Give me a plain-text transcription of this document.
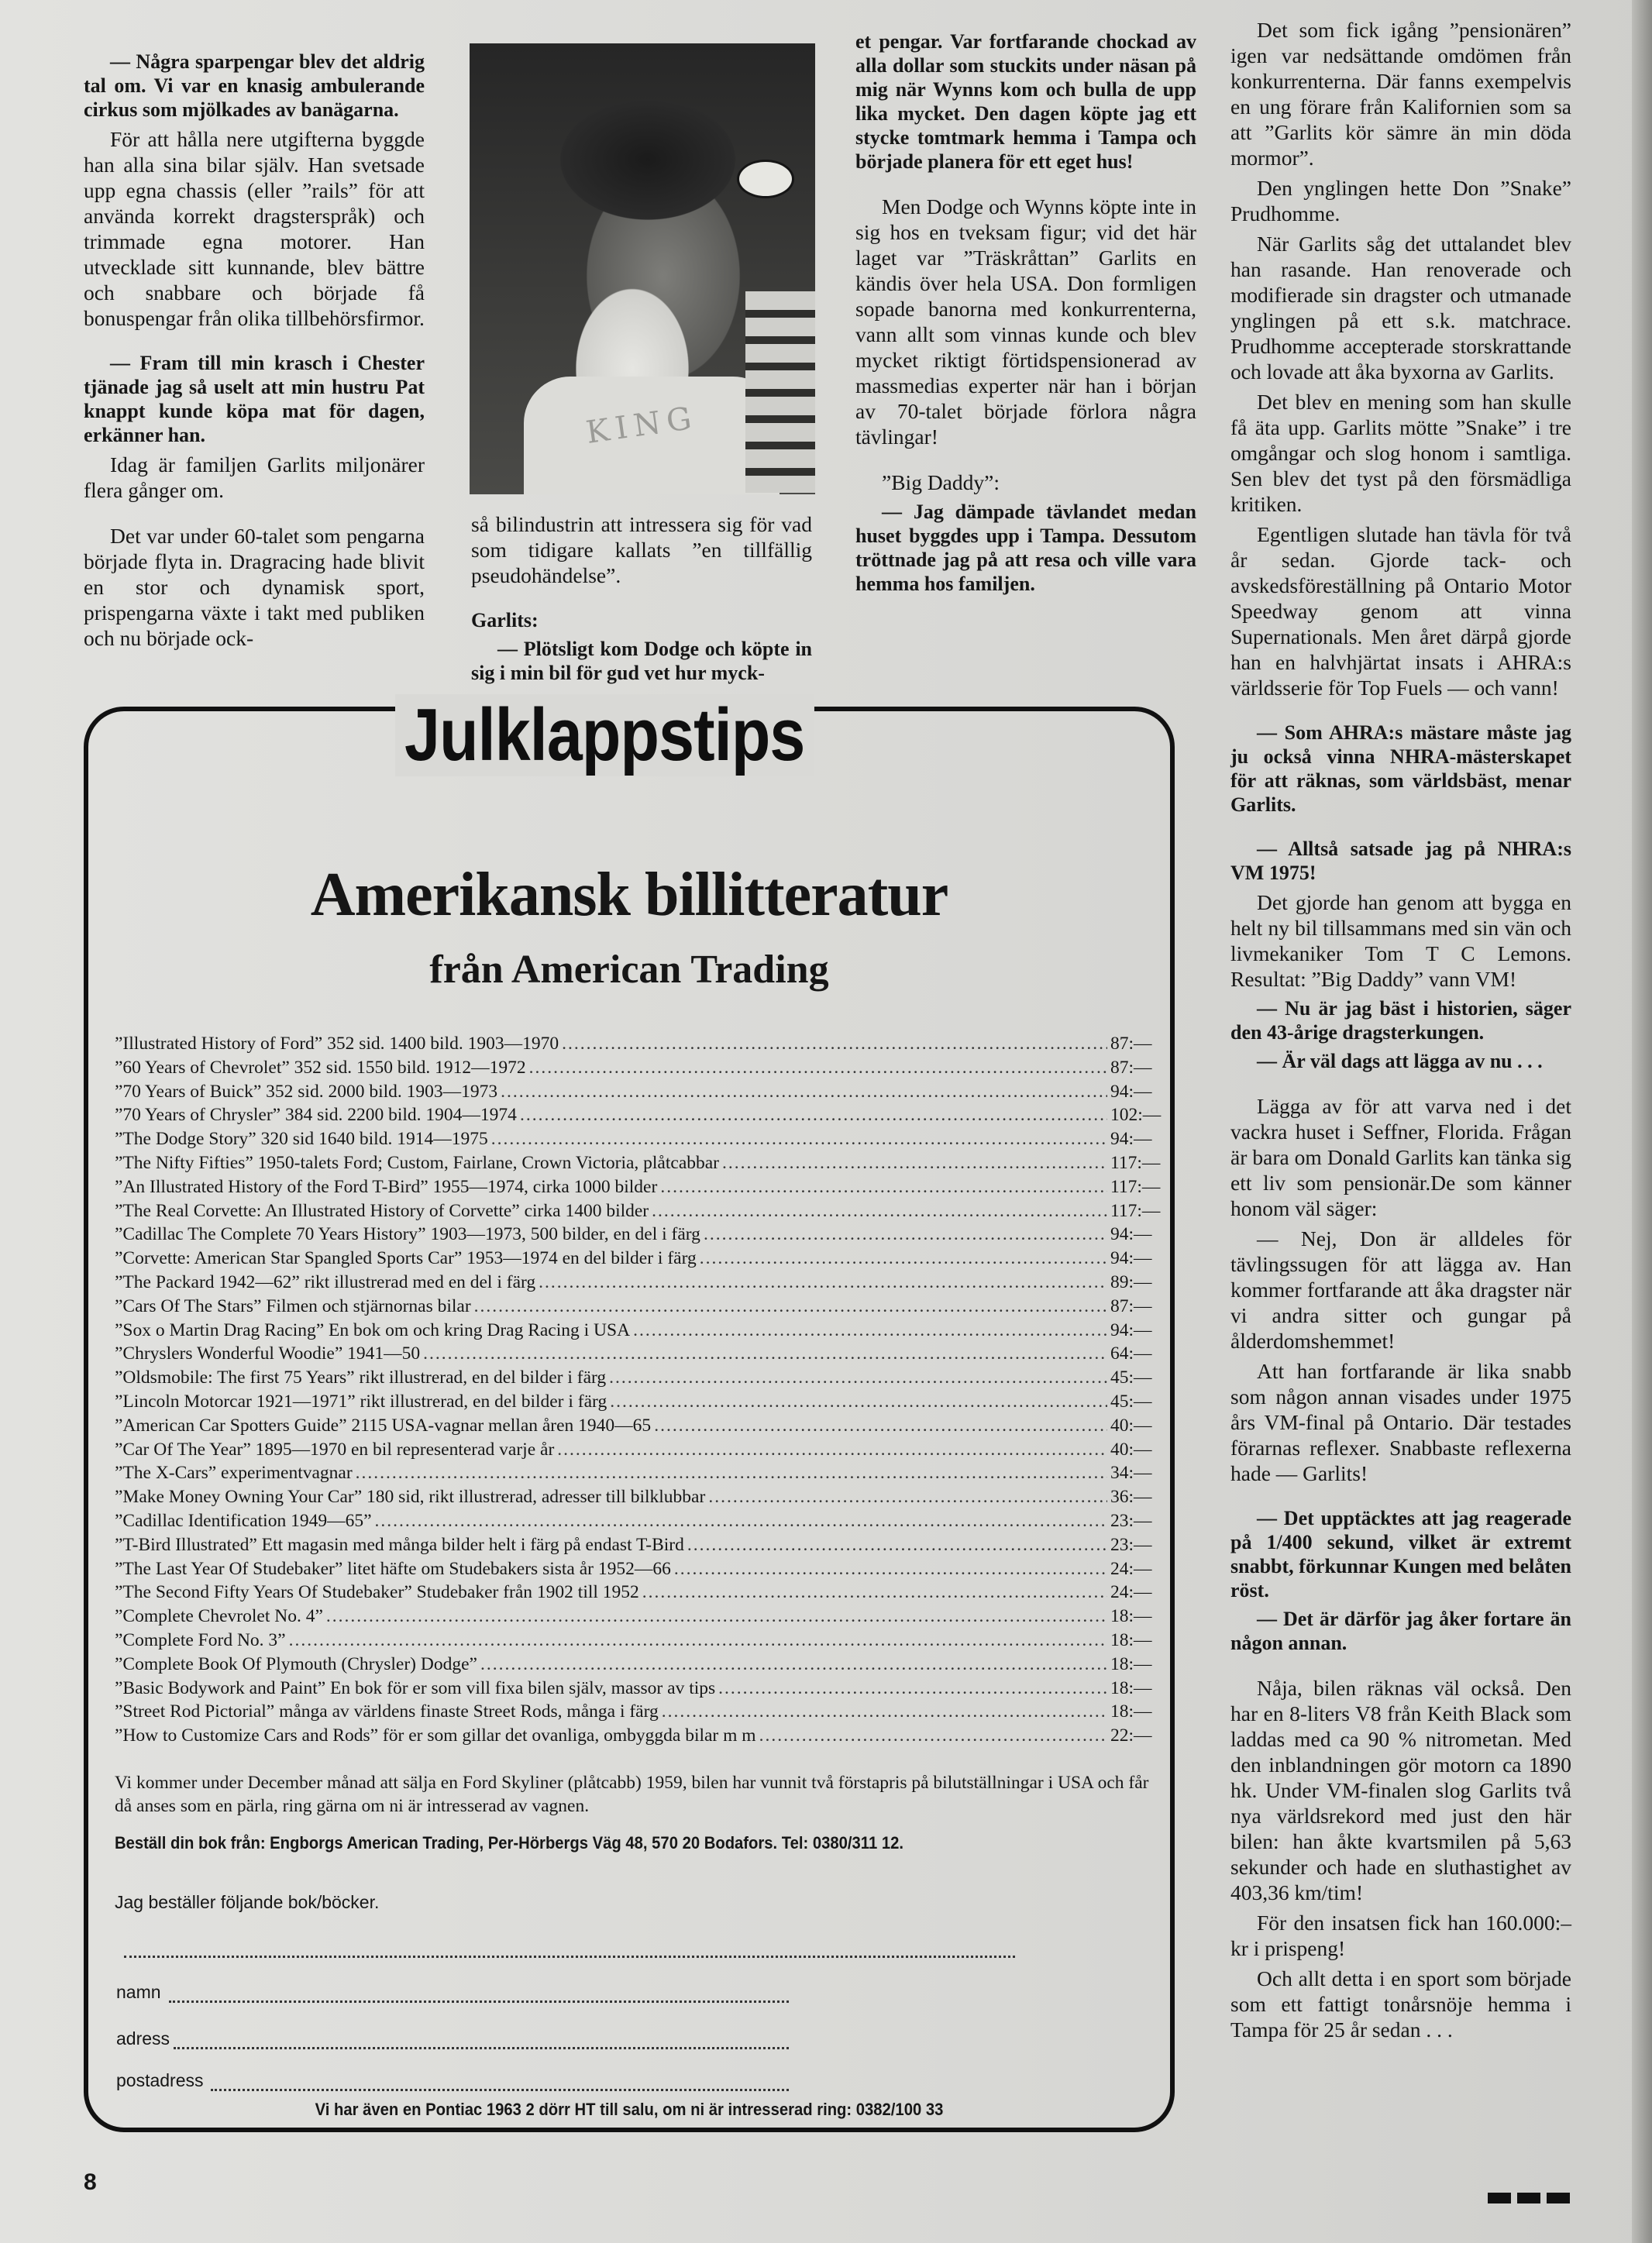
— Några sparpengar blev det aldrig tal om. Vi var en knasig ambulerande cirkus som mjölkades av banägarna.

För att hålla nere utgifterna byggde han alla sina bilar själv. Han svetsade upp egna chassis (eller ”rails” för att använda korrekt dragsterspråk) och trimmade egna motorer. Han utvecklade sitt kunnande, blev bättre och snabbare och började få bonuspengar från olika tillbehörsfirmor.

— Fram till min krasch i Chester tjänade jag så uselt att min hustru Pat knappt kunde köpa mat för dagen, erkänner han.

Idag är familjen Garlits miljonärer flera gånger om.

Det var under 60-talet som pengarna började flyta in. Dragracing hade blivit en stor och dynamisk sport, prispengarna växte i takt med publiken och nu började ock-

KING

så bilindustrin att intressera sig för vad som tidigare kallats ”en tillfällig pseudohändelse”.

Garlits:

— Plötsligt kom Dodge och köpte in sig i min bil för gud vet hur myck-

et pengar. Var fortfarande chockad av alla dollar som stuckits under näsan på mig när Wynns kom och bulla de upp lika mycket. Den dagen köpte jag ett stycke tomtmark hemma i Tampa och började planera för ett eget hus!

Men Dodge och Wynns köpte inte in sig hos en tveksam figur; vid det här laget var ”Träskråttan” Garlits en kändis över hela USA. Don formligen sopade banorna med konkurrenterna, vann allt som vinnas kunde och blev mycket riktigt förtidspensionerad av massmedias experter när han i början av 70-talet började förlora några tävlingar!

”Big Daddy”:

— Jag dämpade tävlandet medan huset byggdes upp i Tampa. Dessutom tröttnade jag på att resa och ville vara hemma hos familjen.

Det som fick igång ”pensionären” igen var nedsättande omdömen från konkurrenterna. Där fanns exempelvis en ung förare från Kalifornien som sa att ”Garlits kör sämre än min döda mormor”.

Den ynglingen hette Don ”Snake” Prudhomme.

När Garlits såg det uttalandet blev han rasande. Han renoverade och modifierade sin dragster och utmanade ynglingen på ett s.k. matchrace. Prudhomme accepterade storskrattande och lovade att åka byxorna av Garlits.

Det blev en mening som han skulle få äta upp. Garlits mötte ”Snake” i tre omgångar och slog honom i samtliga. Sen blev det tyst på den försmädliga kritiken.

Egentligen slutade han tävla för två år sedan. Gjorde tack- och avskedsföreställning på Ontario Motor Speedway genom att vinna Supernationals. Men året därpå gjorde han en halvhjärtat insats i AHRA:s världsserie för Top Fuels — och vann!

— Som AHRA:s mästare måste jag ju också vinna NHRA-mästerskapet för att räknas, som världsbäst, menar Garlits.

— Alltså satsade jag på NHRA:s VM 1975!

Det gjorde han genom att bygga en helt ny bil tillsammans med sin vän och livmekaniker Tom T C Lemons. Resultat: ”Big Daddy” vann VM!

— Nu är jag bäst i historien, säger den 43-årige dragsterkungen.

— Är väl dags att lägga av nu . . .

Lägga av för att varva ned i det vackra huset i Seffner, Florida. Frågan är bara om Donald Garlits kan tänka sig ett liv som pensionär.De som känner honom väl säger:

— Nej, Don är alldeles för tävlingssugen för att lägga av. Han kommer fortfarande att åka dragster när vi andra sitter och gungar på ålderdomshemmet!

Att han fortfarande är lika snabb som någon annan visades under 1975 års VM-final på Ontario. Där testades förarnas reflexer. Snabbaste reflexerna hade — Garlits!

— Det upptäcktes att jag reagerade på 1/400 sekund, vilket är extremt snabbt, förkunnar Kungen med belåten röst.

— Det är därför jag åker fortare än någon annan.

Nåja, bilen räknas väl också. Den har en 8-liters V8 från Keith Black som laddas med ca 90 % nitrometan. Med den inblandningen gör motorn ca 1890 hk. Under VM-finalen slog Garlits två nya världsrekord med just den här bilen: han åkte kvartsmilen på 5,63 sekunder och hade en sluthastighet av 403,36 km/tim!

För den insatsen fick han 160.000:– kr i prispeng!

Och allt detta i en sport som började som ett fattigt tonårsnöje hemma i Tampa för 25 år sedan . . .

Julklappstips
Amerikansk billitteratur
från American Trading
”Illustrated History of Ford” 352 sid. 1400 bild. 1903—1970 .....	87:—
”60 Years of Chevrolet” 352 sid. 1550 bild. 1912—1972 .....	87:—
”70 Years of Buick” 352 sid. 2000 bild. 1903—1973 .....	94:—
”70 Years of Chrysler” 384 sid. 2200 bild. 1904—1974 .....	102:—
”The Dodge Story” 320 sid 1640 bild. 1914—1975 .....	94:—
”The Nifty Fifties” 1950-talets Ford; Custom, Fairlane, Crown Victoria, plåtcabbar .....	117:—
”An Illustrated History of the Ford T-Bird” 1955—1974, cirka 1000 bilder .....	117:—
”The Real Corvette: An Illustrated History of Corvette” cirka 1400 bilder .....	117:—
”Cadillac The Complete 70 Years History” 1903—1973, 500 bilder, en del i färg .....	94:—
”Corvette: American Star Spangled Sports Car” 1953—1974 en del bilder i färg .....	94:—
”The Packard 1942—62” rikt illustrerad med en del i färg .....	89:—
”Cars Of The Stars” Filmen och stjärnornas bilar .....	87:—
”Sox o Martin Drag Racing” En bok om och kring Drag Racing i USA .....	94:—
”Chryslers Wonderful Woodie” 1941—50 .....	64:—
”Oldsmobile: The first 75 Years” rikt illustrerad, en del bilder i färg .....	45:—
”Lincoln Motorcar 1921—1971” rikt illustrerad, en del bilder i färg .....	45:—
”American Car Spotters Guide” 2115 USA-vagnar mellan åren 1940—65 .....	40:—
”Car Of The Year” 1895—1970 en bil representerad varje år .....	40:—
”The X-Cars” experimentvagnar .....	34:—
”Make Money Owning Your Car” 180 sid, rikt illustrerad, adresser till bilklubbar .....	36:—
”Cadillac Identification 1949—65” .....	23:—
”T-Bird Illustrated” Ett magasin med många bilder helt i färg på endast T-Bird .....	23:—
”The Last Year Of Studebaker” litet häfte om Studebakers sista år 1952—66 .....	24:—
”The Second Fifty Years Of Studebaker” Studebaker från 1902 till 1952 .....	24:—
”Complete Chevrolet No. 4” .....	18:—
”Complete Ford No. 3” .....	18:—
”Complete Book Of Plymouth (Chrysler) Dodge” .....	18:—
”Basic Bodywork and Paint” En bok för er som vill fixa bilen själv, massor av tips .....	18:—
”Street Rod Pictorial” många av världens finaste Street Rods, många i färg .....	18:—
”How to Customize Cars and Rods” för er som gillar det ovanliga, ombyggda bilar m m .....	22:—
Vi kommer under December månad att sälja en Ford Skyliner (plåtcabb) 1959, bilen har vunnit två förstapris på bilutställningar i USA och får då anses som en pärla, ring gärna om ni är intresserad av vagnen.
Beställ din bok från: Engborgs American Trading, Per-Hörbergs Väg 48, 570 20 Bodafors. Tel: 0380/311 12.
Jag beställer följande bok/böcker.
namn
adress
postadress
Vi har även en Pontiac 1963 2 dörr HT till salu, om ni är intresserad ring: 0382/100 33
8
